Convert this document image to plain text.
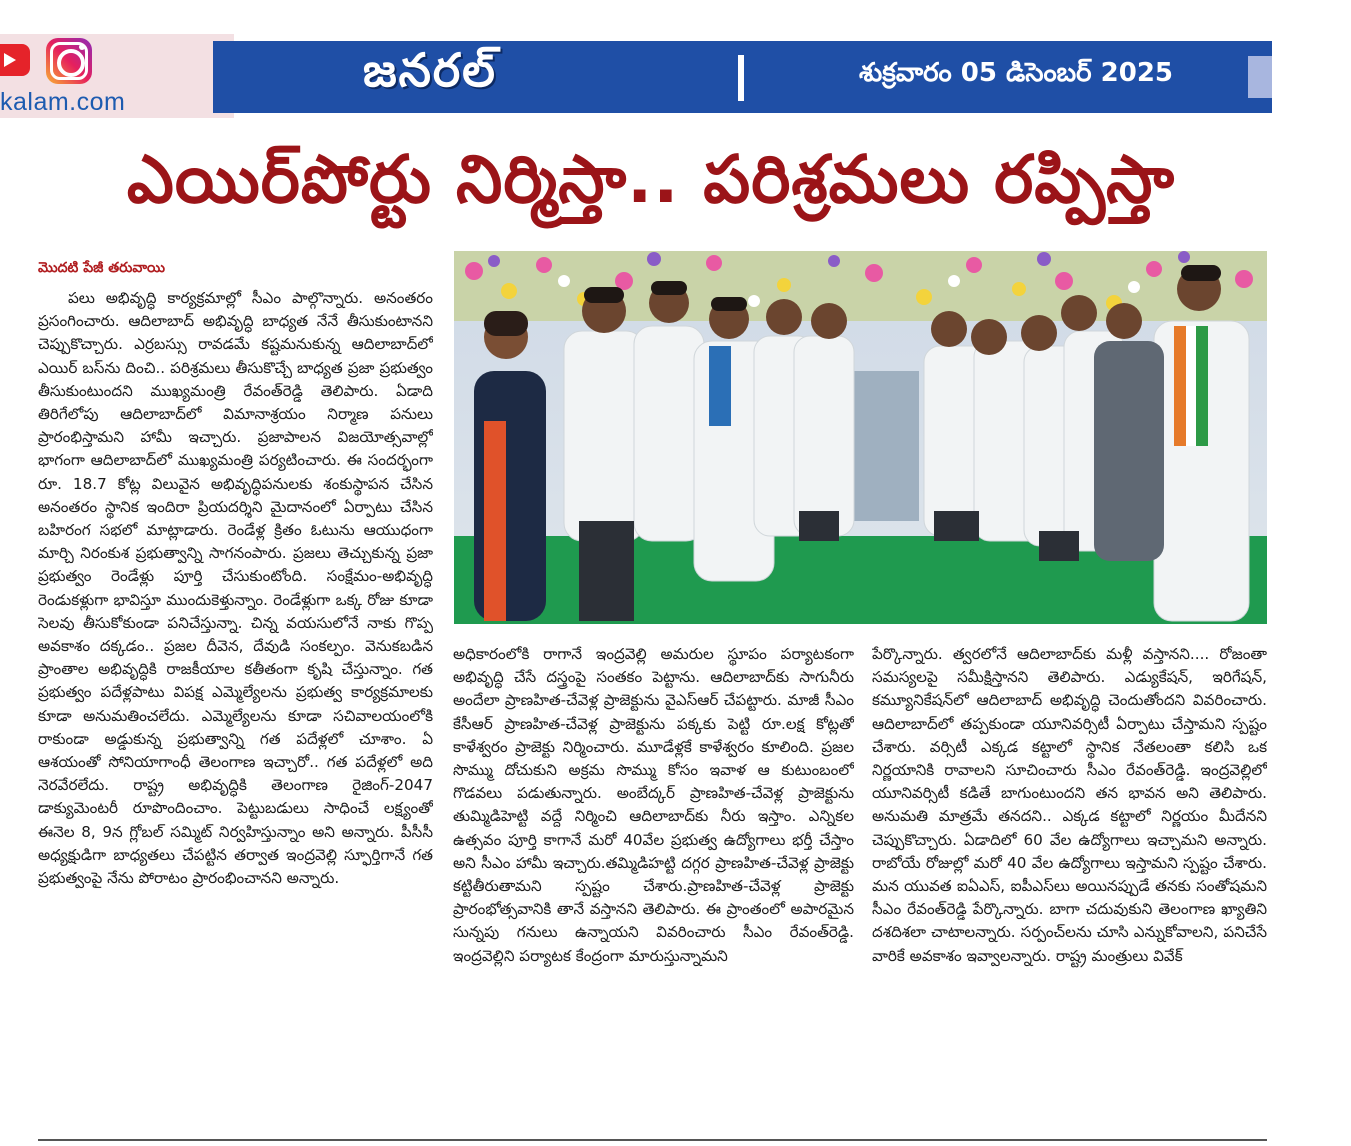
kalam.com
జనరల్	శుక్రవారం 05 డిసెంబర్ 2025
ఎయిర్‌పోర్టు నిర్మిస్తా.. పరిశ్రమలు రప్పిస్తా
మొదటి పేజీ తరువాయి
పలు అభివృద్ధి కార్యక్రమాల్లో సీఎం పాల్గొన్నారు. అనంతరం ప్రసంగించారు. ఆదిలాబాద్ అభివృద్ధి బాధ్యత నేనే తీసుకుంటానని చెప్పుకొచ్చారు. ఎర్రబస్సు రావడమే కష్టమనుకున్న ఆదిలాబాద్‌లో ఎయిర్ బస్‌ను దించి.. పరిశ్రమలు తీసుకొచ్చే బాధ్యత ప్రజా ప్రభుత్వం తీసుకుంటుందని ముఖ్యమంత్రి రేవంత్‌రెడ్డి తెలిపారు. ఏడాది తిరిగేలోపు ఆదిలాబాద్‌లో విమానాశ్రయం నిర్మాణ పనులు ప్రారంభిస్తామని హామీ ఇచ్చారు. ప్రజాపాలన విజయోత్సవాల్లో భాగంగా ఆదిలాబాద్‌లో ముఖ్యమంత్రి పర్యటించారు. ఈ సందర్భంగా రూ. 18.7 కోట్ల విలువైన అభివృద్ధిపనులకు శంకుస్థాపన చేసిన అనంతరం స్థానిక ఇందిరా ప్రియదర్శిని మైదానంలో ఏర్పాటు చేసిన బహిరంగ సభలో మాట్లాడారు. రెండేళ్ల క్రితం ఓటును ఆయుధంగా మార్చి నిరంకుశ ప్రభుత్వాన్ని సాగనంపారు. ప్రజలు తెచ్చుకున్న ప్రజా ప్రభుత్వం రెండేళ్లు పూర్తి చేసుకుంటోంది. సంక్షేమం-అభివృద్ధి రెండుకళ్లుగా భావిస్తూ ముందుకెళ్తున్నాం. రెండేళ్లుగా ఒక్క రోజు కూడా సెలవు తీసుకోకుండా పనిచేస్తున్నా. చిన్న వయసులోనే నాకు గొప్ప అవకాశం దక్కడం.. ప్రజల దీవెన, దేవుడి సంకల్పం. వెనుకబడిన ప్రాంతాల అభివృద్ధికి రాజకీయాల కతీతంగా కృషి చేస్తున్నాం. గత ప్రభుత్వం పదేళ్లపాటు విపక్ష ఎమ్మెల్యేలను ప్రభుత్వ కార్యక్రమాలకు కూడా అనుమతించలేదు. ఎమ్మెల్యేలను కూడా సచివాలయంలోకి రాకుండా అడ్డుకున్న ప్రభుత్వాన్ని గత పదేళ్లలో చూశాం. ఏ ఆశయంతో సోనియాగాంధీ తెలంగాణ ఇచ్చారో.. గత పదేళ్లలో అది నెరవేరలేదు. రాష్ట్ర అభివృద్ధికి తెలంగాణ రైజింగ్-2047 డాక్యుమెంటరీ రూపొందించాం. పెట్టుబడులు సాధించే లక్ష్యంతో ఈనెల 8, 9న గ్లోబల్ సమ్మిట్ నిర్వహిస్తున్నాం అని అన్నారు. పీసీసీ అధ్యక్షుడిగా బాధ్యతలు చేపట్టిన తర్వాత ఇంద్రవెల్లి స్ఫూర్తిగానే గత ప్రభుత్వంపై నేను పోరాటం ప్రారంభించానని అన్నారు.
అధికారంలోకి రాగానే ఇంద్రవెల్లి అమరుల స్థూపం పర్యాటకంగా అభివృద్ధి చేసే దస్త్రంపై సంతకం పెట్టాను. ఆదిలాబాద్‌కు సాగునీరు అందేలా ప్రాణహిత-చేవెళ్ల ప్రాజెక్టును వైఎస్ఆర్ చేపట్టారు. మాజీ సీఎం కేసీఆర్ ప్రాణహిత-చేవెళ్ల ప్రాజెక్టును పక్కకు పెట్టి రూ.లక్ష కోట్లతో కాళేశ్వరం ప్రాజెక్టు నిర్మించారు. మూడేళ్లకే కాళేశ్వరం కూలింది. ప్రజల సొమ్ము దోచుకుని అక్రమ సొమ్ము కోసం ఇవాళ ఆ కుటుంబంలో గొడవలు పడుతున్నారు. అంబేద్కర్ ప్రాణహిత-చేవెళ్ల ప్రాజెక్టును తుమ్మిడిహెట్టి వద్దే నిర్మించి ఆదిలాబాద్‌కు నీరు ఇస్తాం. ఎన్నికల ఉత్సవం పూర్తి కాగానే మరో 40వేల ప్రభుత్వ ఉద్యోగాలు భర్తీ చేస్తాం అని సీఎం హామీ ఇచ్చారు.తమ్మిడిహట్టి దగ్గర ప్రాణహిత-చేవెళ్ల ప్రాజెక్టు కట్టితీరుతామని స్పష్టం చేశారు.ప్రాణహిత-చేవెళ్ల ప్రాజెక్టు ప్రారంభోత్సవానికి తానే వస్తానని తెలిపారు. ఈ ప్రాంతంలో అపారమైన సున్నపు గనులు ఉన్నాయని వివరించారు సీఎం రేవంత్‌రెడ్డి. ఇంద్రవెల్లిని పర్యాటక కేంద్రంగా మారుస్తున్నామని
పేర్కొన్నారు. త్వరలోనే ఆదిలాబాద్‌కు మళ్లీ వస్తానని.... రోజంతా సమస్యలపై సమీక్షిస్తానని తెలిపారు. ఎడ్యుకేషన్, ఇరిగేషన్, కమ్యూనికేషన్‌లో ఆదిలాబాద్ అభివృద్ధి చెందుతోందని వివరించారు. ఆదిలాబాద్‌లో తప్పకుండా యూనివర్సిటీ ఏర్పాటు చేస్తామని స్పష్టం చేశారు. వర్సిటీ ఎక్కడ కట్టాలో స్థానిక నేతలంతా కలిసి ఒక నిర్ణయానికి రావాలని సూచించారు సీఎం రేవంత్‌రెడ్డి. ఇంద్రవెల్లిలో యూనివర్సిటీ కడితే బాగుంటుందని తన భావన అని తెలిపారు. అనుమతి మాత్రమే తనదని.. ఎక్కడ కట్టాలో నిర్ణయం మీదేనని చెప్పుకొచ్చారు. ఏడాదిలో 60 వేల ఉద్యోగాలు ఇచ్చామని అన్నారు. రాబోయే రోజుల్లో మరో 40 వేల ఉద్యోగాలు ఇస్తామని స్పష్టం చేశారు. మన యువత ఐఏఎస్, ఐపీఎస్‌లు అయినప్పుడే తనకు సంతోషమని సీఎం రేవంత్‌రెడ్డి పేర్కొన్నారు. బాగా చదువుకుని తెలంగాణ ఖ్యాతిని దశదిశలా చాటాలన్నారు. సర్పంచ్‌లను చూసి ఎన్నుకోవాలని, పనిచేసే వారికే అవకాశం ఇవ్వాలన్నారు. రాష్ట్ర మంత్రులు వివేక్
